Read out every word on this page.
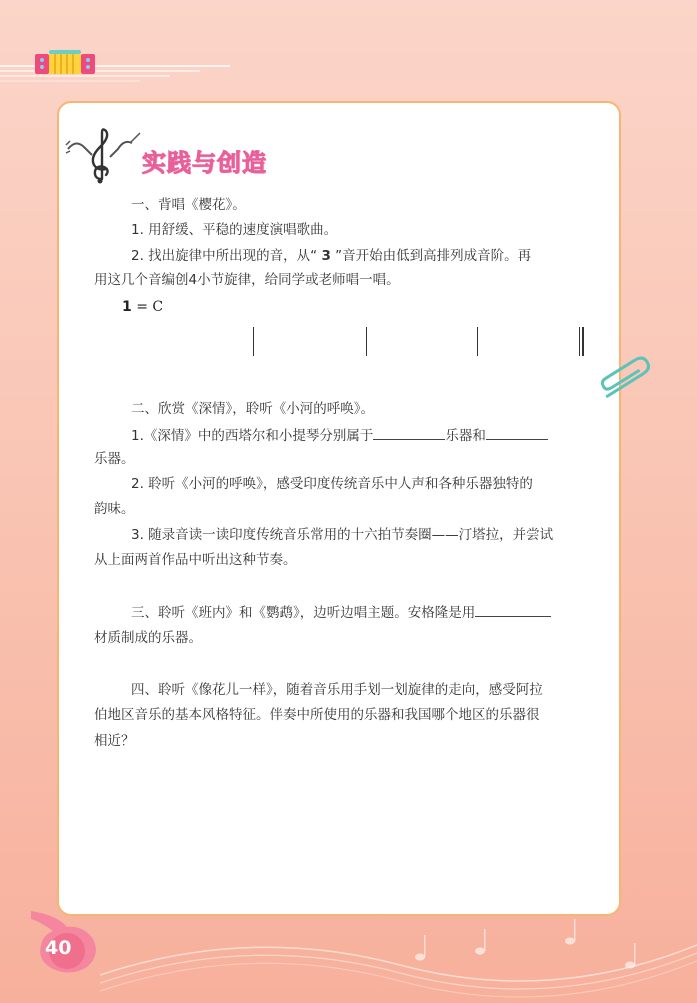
实践与创造
一、背唱《樱花》。
1. 用舒缓、平稳的速度演唱歌曲。
2. 找出旋律中所出现的音，从“ 3 ”音开始由低到高排列成音阶。再
用这几个音编创4小节旋律，给同学或老师唱一唱。
1 = C
二、欣赏《深情》，聆听《小河的呼唤》。
1.《深情》中的西塔尔和小提琴分别属于	乐器和
乐器。
2. 聆听《小河的呼唤》，感受印度传统音乐中人声和各种乐器独特的
韵味。
3. 随录音读一读印度传统音乐常用的十六拍节奏圈——汀塔拉，并尝试
从上面两首作品中听出这种节奏。
三、聆听《班内》和《鹦鹉》，边听边唱主题。安格隆是用
材质制成的乐器。
四、聆听《像花儿一样》，随着音乐用手划一划旋律的走向，感受阿拉
伯地区音乐的基本风格特征。伴奏中所使用的乐器和我国哪个地区的乐器很
相近？
40
